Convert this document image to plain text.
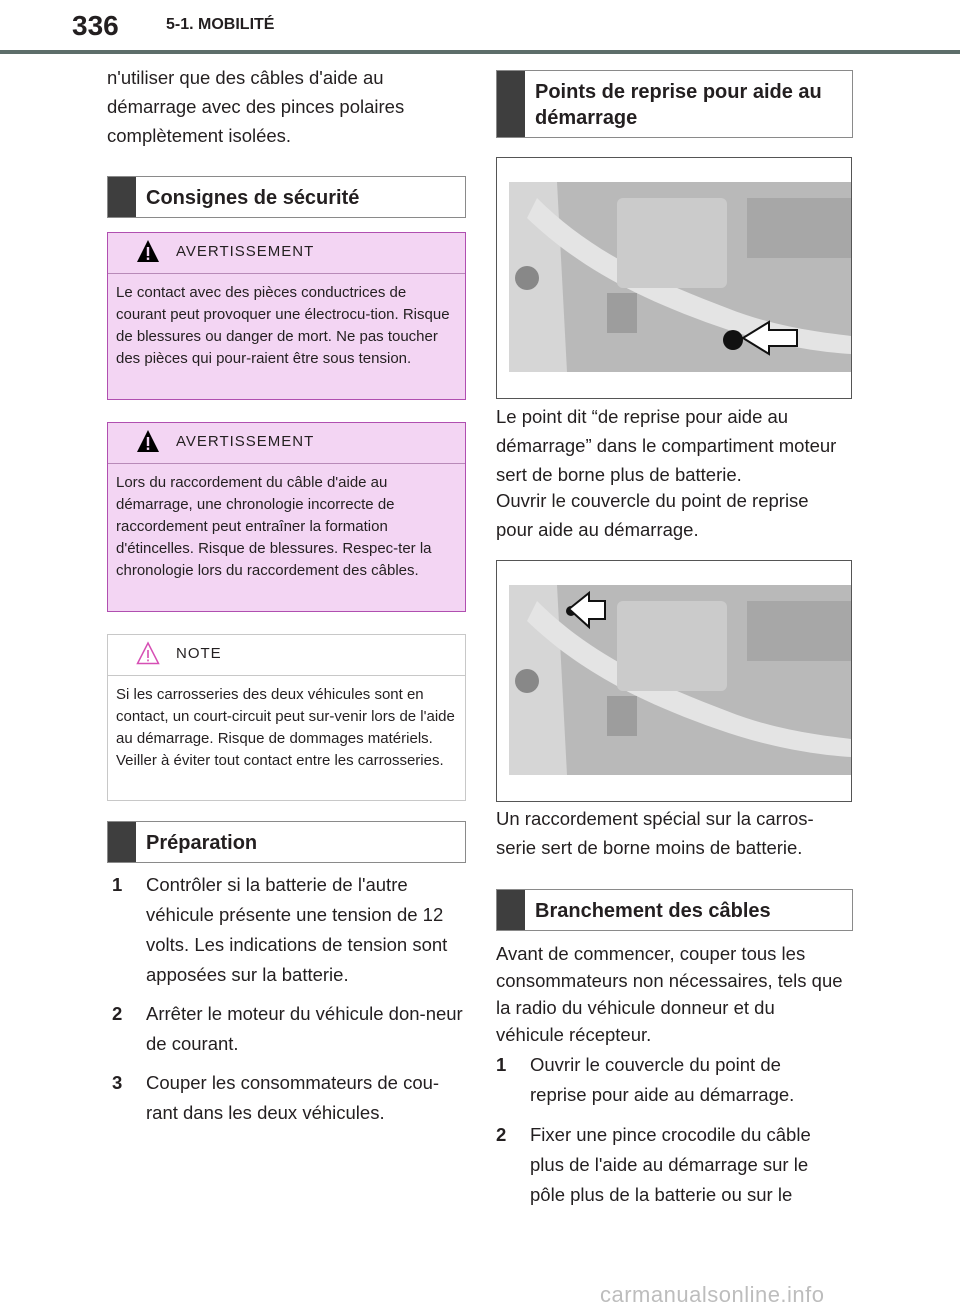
336	5-1. MOBILITÉ

n'utiliser que des câbles d'aide au démarrage avec des pinces polaires complètement isolées.

Consignes de sécurité
AVERTISSEMENT
Le contact avec des pièces conductrices de courant peut provoquer une électrocu-tion. Risque de blessures ou danger de mort. Ne pas toucher des pièces qui pour-raient être sous tension.
AVERTISSEMENT
Lors du raccordement du câble d'aide au démarrage, une chronologie incorrecte de raccordement peut entraîner la formation d'étincelles. Risque de blessures. Respec-ter la chronologie lors du raccordement des câbles.
NOTE
Si les carrosseries des deux véhicules sont en contact, un court-circuit peut sur-venir lors de l'aide au démarrage. Risque de dommages matériels. Veiller à éviter tout contact entre les carrosseries.
Préparation
1 Contrôler si la batterie de l'autre véhicule présente une tension de 12 volts. Les indications de tension sont apposées sur la batterie.
2 Arrêter le moteur du véhicule don-neur de courant.
3 Couper les consommateurs de cou-rant dans les deux véhicules.
Points de reprise pour aide au démarrage

Le point dit “de reprise pour aide au démarrage” dans le compartiment moteur sert de borne plus de batterie.

Ouvrir le couvercle du point de reprise pour aide au démarrage.

Un raccordement spécial sur la carros-serie sert de borne moins de batterie.

Branchement des câbles

Avant de commencer, couper tous les consommateurs non nécessaires, tels que la radio du véhicule donneur et du véhicule récepteur.

1 Ouvrir le couvercle du point de reprise pour aide au démarrage.
2 Fixer une pince crocodile du câble plus de l'aide au démarrage sur le pôle plus de la batterie ou sur le
carmanualsonline.info
